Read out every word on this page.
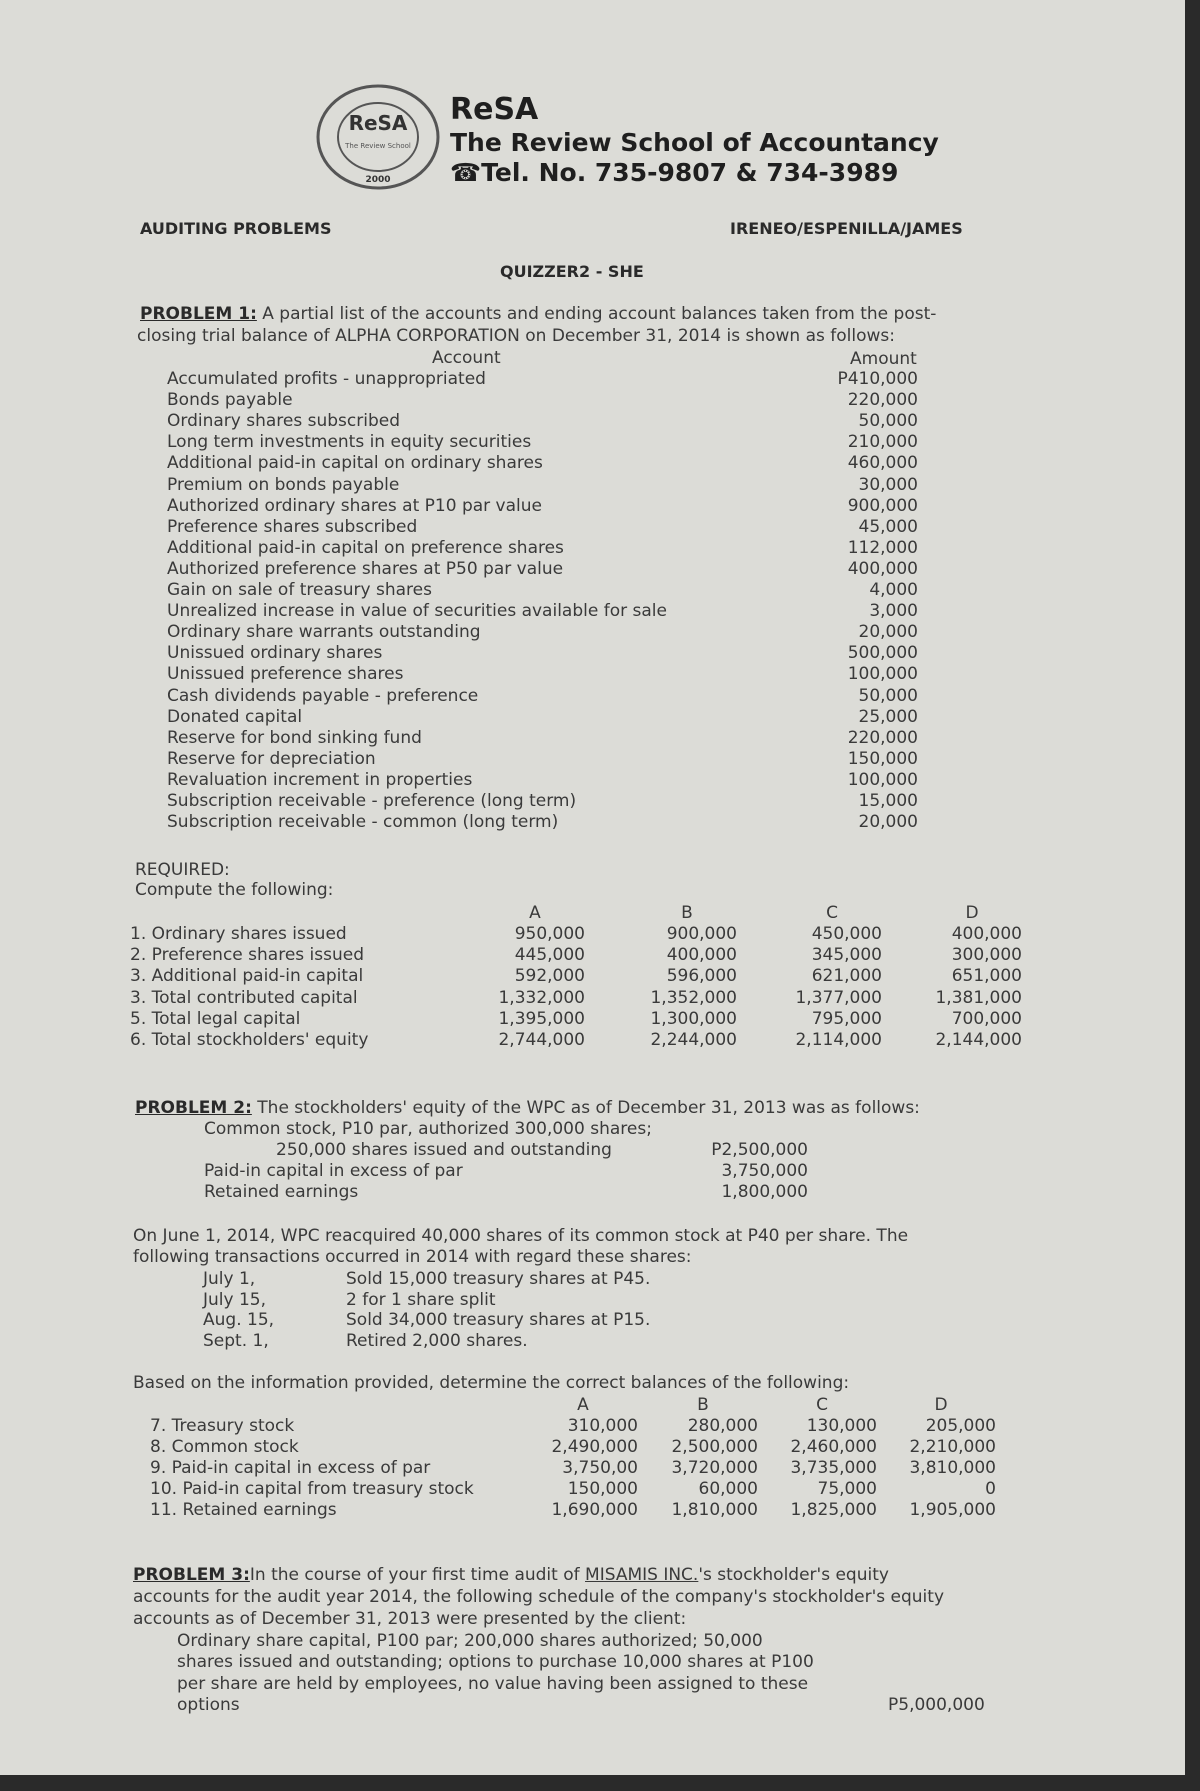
ReSA
The Review School
2000
ReSA
The Review School of Accountancy
☎Tel. No. 735-9807 & 734-3989
AUDITING PROBLEMS	IRENEO/ESPENILLA/JAMES
QUIZZER2 - SHE
PROBLEM 1: A partial list of the accounts and ending account balances taken from the post-
closing trial balance of ALPHA CORPORATION on December 31, 2014 is shown as follows:
Account	Amount
Accumulated profits - unappropriated	P410,000
Bonds payable	220,000
Ordinary shares subscribed	50,000
Long term investments in equity securities	210,000
Additional paid-in capital on ordinary shares	460,000
Premium on bonds payable	30,000
Authorized ordinary shares at P10 par value	900,000
Preference shares subscribed	45,000
Additional paid-in capital on preference shares	112,000
Authorized preference shares at P50 par value	400,000
Gain on sale of treasury shares	4,000
Unrealized increase in value of securities available for sale	3,000
Ordinary share warrants outstanding	20,000
Unissued ordinary shares	500,000
Unissued preference shares	100,000
Cash dividends payable - preference	50,000
Donated capital	25,000
Reserve for bond sinking fund	220,000
Reserve for depreciation	150,000
Revaluation increment in properties	100,000
Subscription receivable - preference (long term)	15,000
Subscription receivable - common (long term)	20,000
REQUIRED:
Compute the following:
A	B	C	D
1. Ordinary shares issued	950,000	900,000	450,000	400,000
2. Preference shares issued	445,000	400,000	345,000	300,000
3. Additional paid-in capital	592,000	596,000	621,000	651,000
3. Total contributed capital	1,332,000	1,352,000	1,377,000	1,381,000
5. Total legal capital	1,395,000	1,300,000	795,000	700,000
6. Total stockholders' equity	2,744,000	2,244,000	2,114,000	2,144,000
PROBLEM 2: The stockholders' equity of the WPC as of December 31, 2013 was as follows:
Common stock, P10 par, authorized 300,000 shares;
250,000 shares issued and outstanding	P2,500,000
Paid-in capital in excess of par	3,750,000
Retained earnings	1,800,000
On June 1, 2014, WPC reacquired 40,000 shares of its common stock at P40 per share. The
following transactions occurred in 2014 with regard these shares:
July 1,	Sold 15,000 treasury shares at P45.
July 15,	2 for 1 share split
Aug. 15,	Sold 34,000 treasury shares at P15.
Sept. 1,	Retired 2,000 shares.
Based on the information provided, determine the correct balances of the following:
A	B	C	D
7. Treasury stock	310,000	280,000	130,000	205,000
8. Common stock	2,490,000	2,500,000	2,460,000	2,210,000
9. Paid-in capital in excess of par	3,750,00	3,720,000	3,735,000	3,810,000
10. Paid-in capital from treasury stock	150,000	60,000	75,000	0
11. Retained earnings	1,690,000	1,810,000	1,825,000	1,905,000
PROBLEM 3:In the course of your first time audit of MISAMIS INC.'s stockholder's equity
accounts for the audit year 2014, the following schedule of the company's stockholder's equity
accounts as of December 31, 2013 were presented by the client:
Ordinary share capital, P100 par; 200,000 shares authorized; 50,000
shares issued and outstanding; options to purchase 10,000 shares at P100
per share are held by employees, no value having been assigned to these
options	P5,000,000
